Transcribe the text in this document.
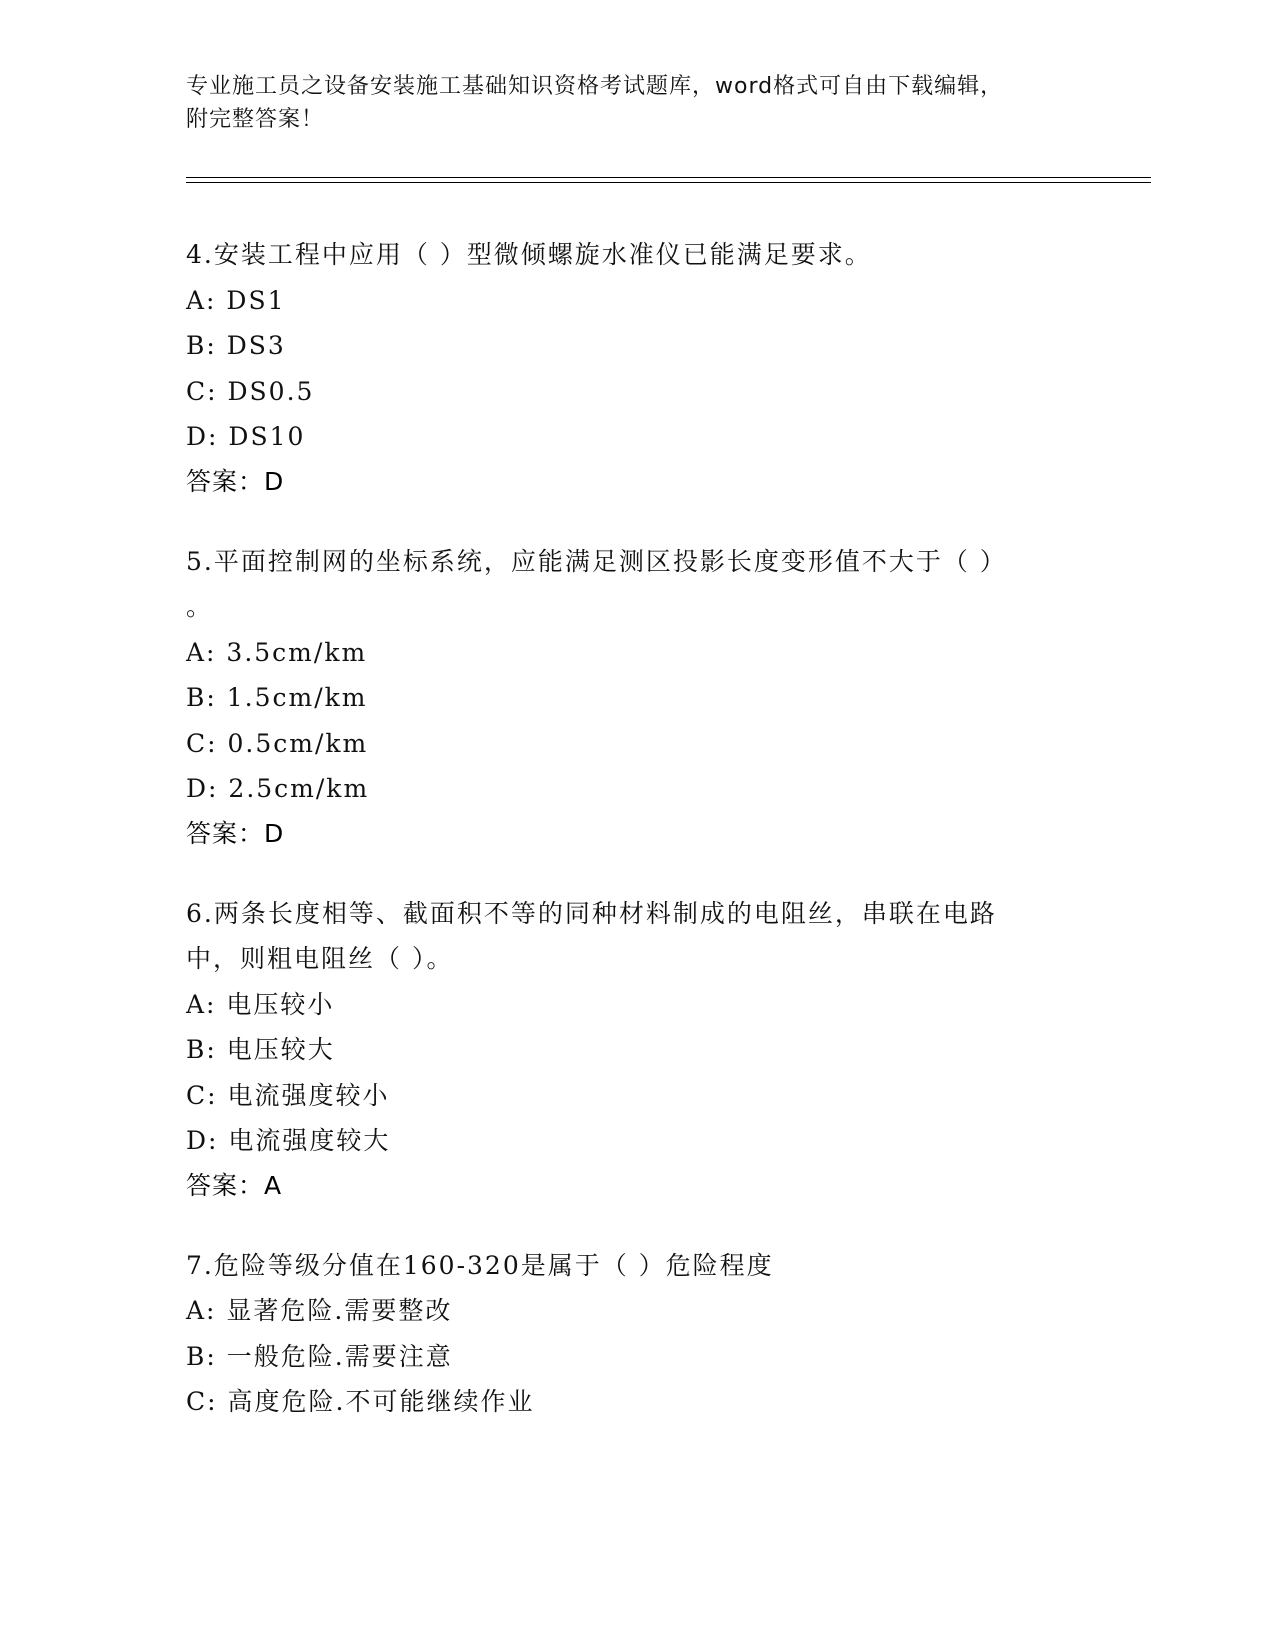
专业施工员之设备安装施工基础知识资格考试题库，word格式可自由下载编辑，
附完整答案！
4.安装工程中应用（ ）型微倾螺旋水准仪已能满足要求。
A: DS1
B: DS3
C: DS0.5
D: DS10
答案：D
5.平面控制网的坐标系统，应能满足测区投影长度变形值不大于（ ）
。
A: 3.5cm/km
B: 1.5cm/km
C: 0.5cm/km
D: 2.5cm/km
答案：D
6.两条长度相等、截面积不等的同种材料制成的电阻丝，串联在电路
中，则粗电阻丝（ ）。
A: 电压较小
B: 电压较大
C: 电流强度较小
D: 电流强度较大
答案：A
7.危险等级分值在160-320是属于（ ）危险程度
A: 显著危险.需要整改
B: 一般危险.需要注意
C: 高度危险.不可能继续作业
